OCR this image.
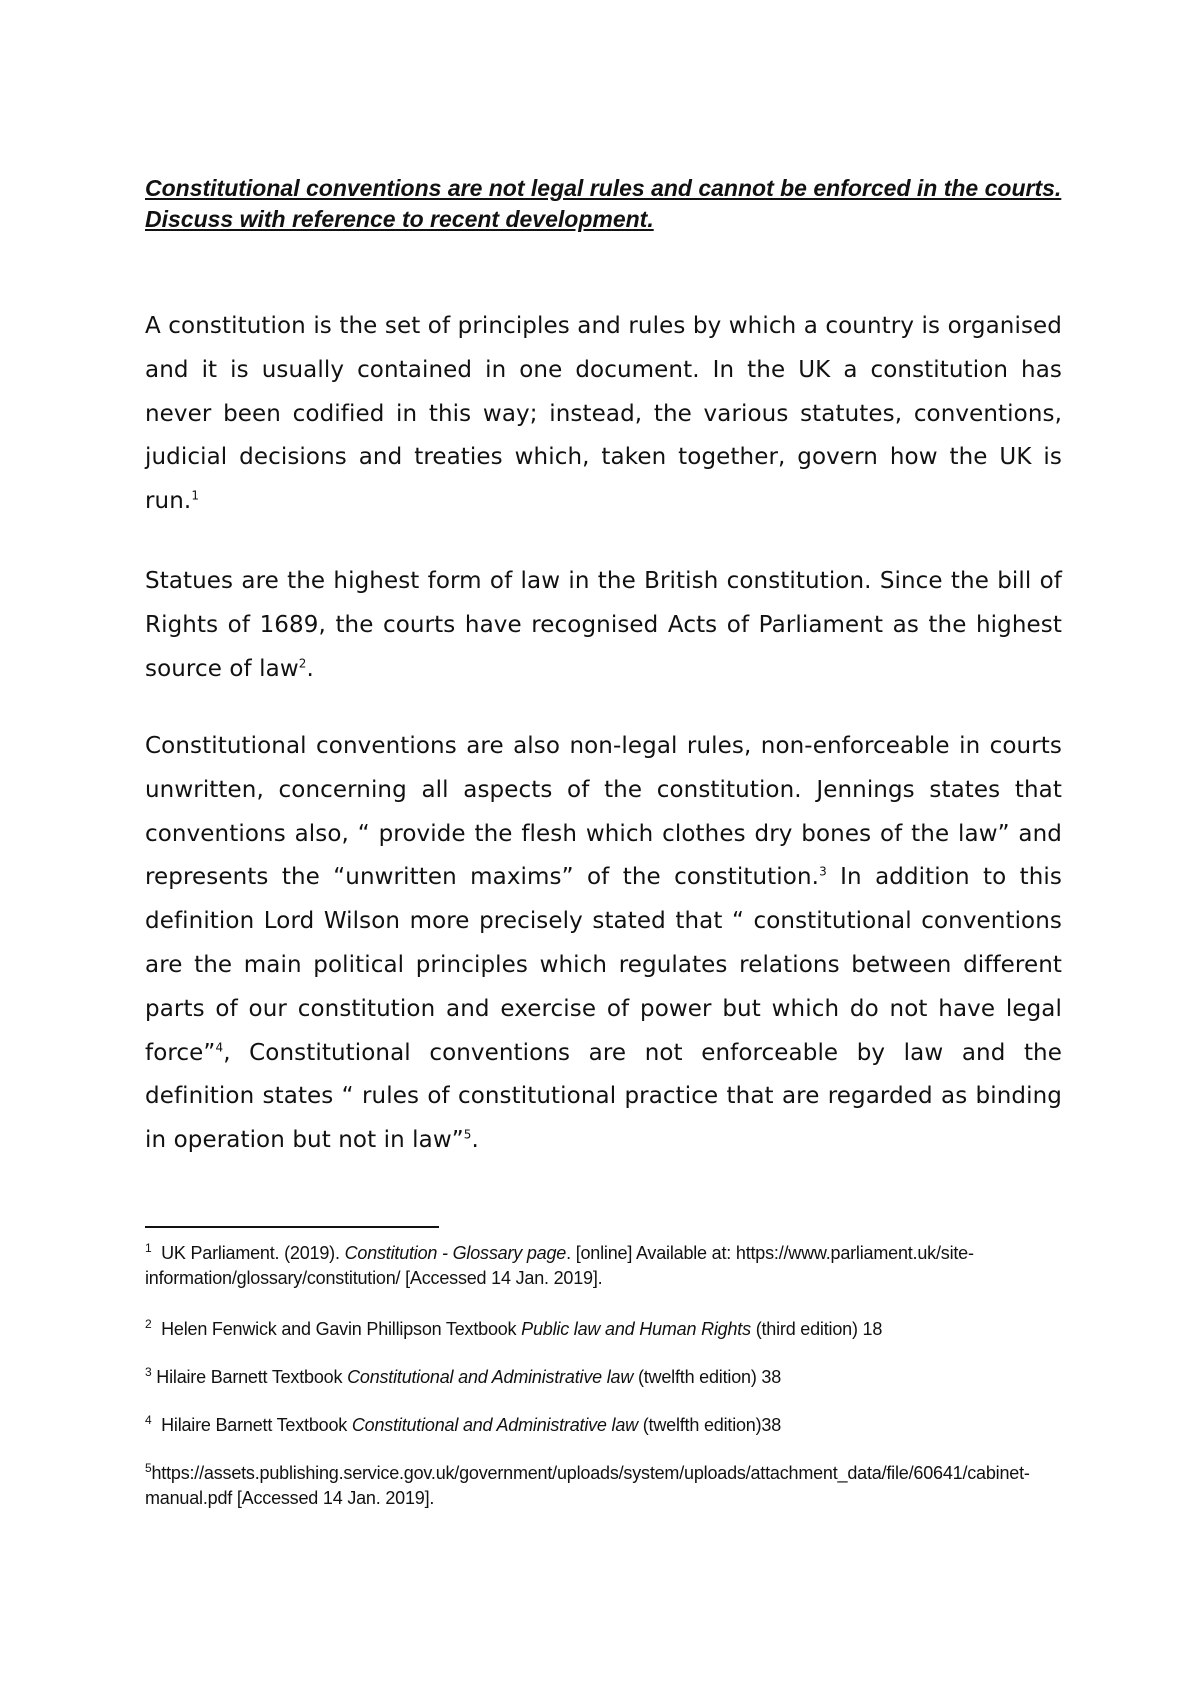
Constitutional conventions are not legal rules and cannot be enforced in the courts. Discuss with reference to recent development.

A constitution is the set of principles and rules by which a country is organised and it is usually contained in one document. In the UK a constitution has never been codified in this way; instead, the various statutes, conventions, judicial decisions and treaties which, taken together, govern how the UK is run.$^1$

Statues are the highest form of law in the British constitution. Since the bill of Rights of 1689, the courts have recognised Acts of Parliament as the highest source of law$^2$.

Constitutional conventions are also non-legal rules, non-enforceable in courts unwritten, concerning all aspects of the constitution. Jennings states that conventions also, “ provide the flesh which clothes dry bones of the law” and represents the “unwritten maxims” of the constitution.$^3$ In addition to this definition Lord Wilson more precisely stated that “ constitutional conventions are the main political principles which regulates relations between different parts of our constitution and exercise of power but which do not have legal force”$^4$, Constitutional conventions are not enforceable by law and the definition states “ rules of constitutional practice that are regarded as binding in operation but not in law”$^5$.

$^1$ UK Parliament. (2019). Constitution - Glossary page. [online] Available at: https://www.parliament.uk/site-information/glossary/constitution/ [Accessed 14 Jan. 2019].

$^2$ Helen Fenwick and Gavin Phillipson Textbook Public law and Human Rights (third edition) 18

$^3$ Hilaire Barnett Textbook Constitutional and Administrative law (twelfth edition) 38

$^4$ Hilaire Barnett Textbook Constitutional and Administrative law (twelfth edition)38

$^5$https://assets.publishing.service.gov.uk/government/uploads/system/uploads/attachment_data/file/60641/cabinet-manual.pdf [Accessed 14 Jan. 2019].
